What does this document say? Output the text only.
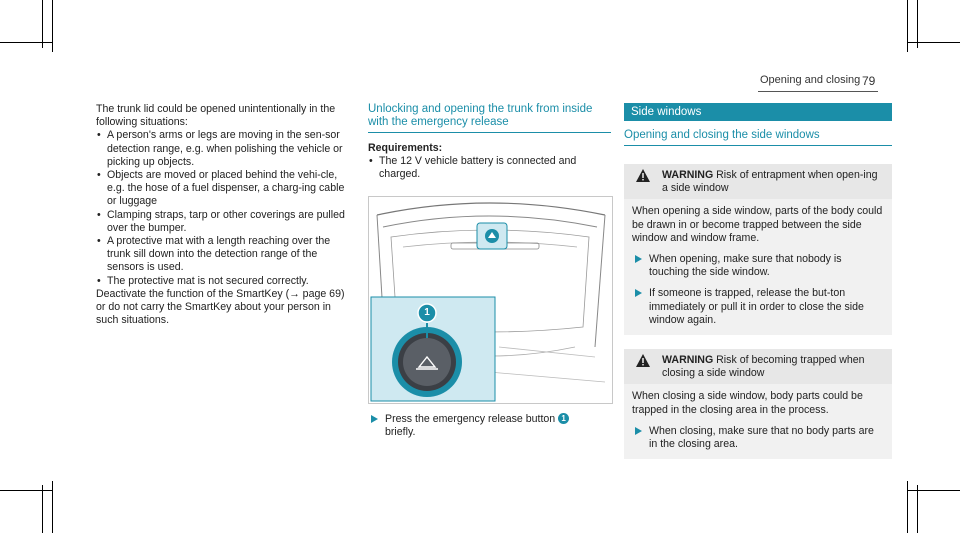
Opening and closing 79

The trunk lid could be opened unintentionally in the following situations:

• A person's arms or legs are moving in the sen-sor detection range, e.g. when polishing the vehicle or picking up objects.
• Objects are moved or placed behind the vehi-cle, e.g. the hose of a fuel dispenser, a charg-ing cable or luggage
• Clamping straps, tarp or other coverings are pulled over the bumper.
• A protective mat with a length reaching over the trunk sill down into the detection range of the sensors is used.
• The protective mat is not secured correctly.

Deactivate the function of the SmartKey (→ page 69) or do not carry the SmartKey about your person in such situations.

Unlocking and opening the trunk from inside with the emergency release
Requirements:
• The 12 V vehicle battery is connected and charged.
1
Press the emergency release button 1
briefly.
Side windows
Opening and closing the side windows
WARNING Risk of entrapment when open-ing a side window

When opening a side window, parts of the body could be drawn in or become trapped between the side window and window frame.

When opening, make sure that nobody is touching the side window.
If someone is trapped, release the but-ton immediately or pull it in order to close the side window again.
WARNING Risk of becoming trapped when closing a side window

When closing a side window, body parts could be trapped in the closing area in the process.

When closing, make sure that no body parts are in the closing area.
